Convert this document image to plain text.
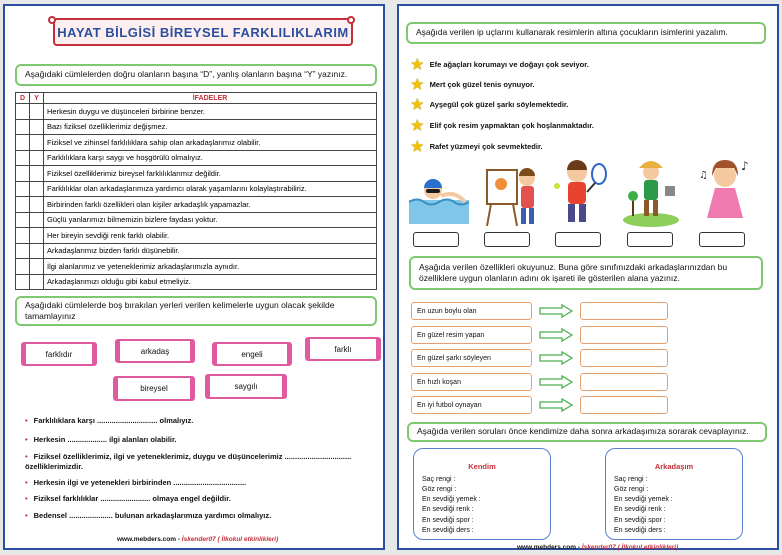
HAYAT BİLGİSİ BİREYSEL FARKLILIKLARIM
Aşağıdaki cümlelerden doğru olanların başına “D”, yanlış olanların başına “Y” yazınız.
D	Y	İFADELER
		Herkesin duygu ve düşünceleri birbirine benzer.
		Bazı fiziksel özelliklerimiz değişmez.
		Fiziksel ve zihinsel farklılıklara sahip olan arkadaşlarımız olabilir.
		Farklılıklara karşı saygı ve hoşgörülü olmalıyız.
		Fiziksel özelliklerimiz bireysel farklılıklarımız değildir.
		Farklılıklar olan arkadaşlarımıza yardımcı olarak yaşamlarını kolaylaştırabiliriz.
		Birbirinden farklı özellikleri olan kişiler arkadaşlık yapamazlar.
		Güçlü yanlarımızı bilmemizin bizlere faydası yoktur.
		Her bireyin sevdiği renk farklı olabilir.
		Arkadaşlarımız bizden farklı düşünebilir.
		İlgi alanlarımız ve yeteneklerimiz arkadaşlarımızla aynıdır.
		Arkadaşlarımızı olduğu gibi kabul etmeliyiz.
Aşağıdaki cümlelerde boş bırakılan yerleri verilen kelimelerle uygun olacak şekilde tamamlayınız
farklıdır	arkadaş	engeli
farklı
bireysel	saygılı
• Farklılıklara karşı ............................. olmalıyız.
• Herkesin ................... ilgi alanları olabilir.
• Fiziksel özelliklerimiz, ilgi ve yeteneklerimiz, duygu ve düşüncelerimiz ................................ özelliklerimizdir.
• Herkesin ilgi ve yetenekleri birbirinden ...................................
• Fiziksel farklılıklar ........................ olmaya engel değildir.
• Bedensel ..................... bulunan arkadaşlarımıza yardımcı olmalıyız.
www.mebders.com - İskender07 ( İlkokul etkinlikleri)
Aşağıda verilen ip uçlarını kullanarak resimlerin altına çocukların isimlerini yazalım.
★ Efe ağaçları korumayı ve doğayı çok seviyor.
★ Mert çok güzel tenis oynuyor.
★ Ayşegül çok güzel şarkı söylemektedir.
★ Elif çok resim yapmaktan çok hoşlanmaktadır.
★ Rafet yüzmeyi çok sevmektedir.
♪
♫
Aşağıda verilen özellikleri okuyunuz. Buna göre sınıfınızdaki arkadaşlarınızdan bu özelliklere uygun olanların adını ok işareti ile gösterilen alana yazınız.
En uzun boylu olan
En güzel resim yapan
En güzel şarkı söyleyen
En hızlı koşan
En iyi futbol oynayan
Aşağıda verilen soruları önce kendimize daha sonra arkadaşımıza sorarak cevaplayınız.
Kendim
Saç rengi :
Göz rengi :
En sevdiği yemek :
En sevdiği renk :
En sevdiği spor :
En sevdiği ders :
Arkadaşım
Saç rengi :
Göz rengi :
En sevdiği yemek :
En sevdiği renk :
En sevdiği spor :
En sevdiği ders :
www.mebders.com - İskender07 ( İlkokul etkinlikleri)
